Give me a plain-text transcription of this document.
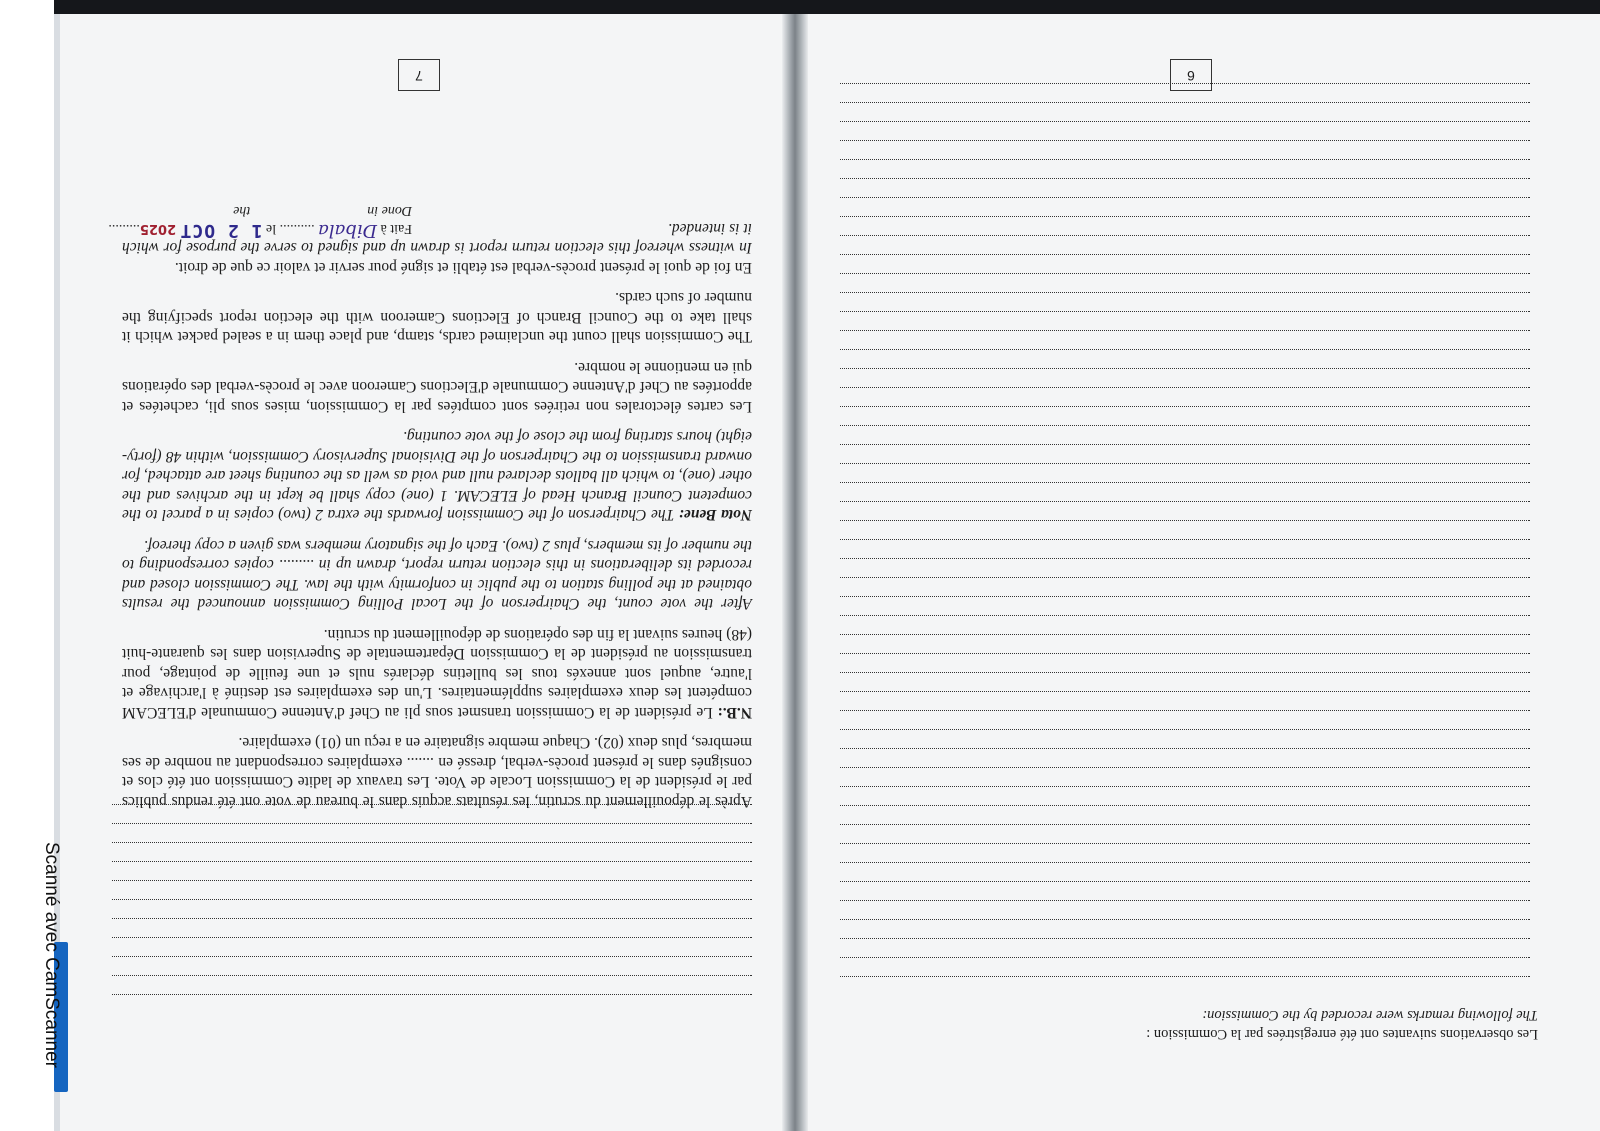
7

Après le dépouillement du scrutin, les résultats acquis dans le bureau de vote ont été rendus publics par le président de la Commission Locale de Vote. Les travaux de ladite Commission ont été clos et consignés dans le présent procès-verbal, dressé en ....... exemplaires correspondant au nombre de ses membres, plus deux (02). Chaque membre signataire en a reçu un (01) exemplaire.

N.B.: Le président de la Commission transmet sous pli au Chef d'Antenne Communale d'ELECAM compétent les deux exemplaires supplémentaires. L'un des exemplaires est destiné à l'archivage et l'autre, auquel sont annexés tous les bulletins déclarés nuls et une feuille de pointage, pour transmission au président de la Commission Départementale de Supervision dans les quarante-huit (48) heures suivant la fin des opérations de dépouillement du scrutin.

After the vote count, the Chairperson of the Local Polling Commission announced the results obtained at the polling station to the public in conformity with the law. The Commission closed and recorded its deliberations in this election return report, drawn up in ......... copies corresponding to the number of its members, plus 2 (two). Each of the signatory members was given a copy thereof.

Nota Bene: The Chairperson of the Commission forwards the extra 2 (two) copies in a parcel to the competent Council Branch Head of ELECAM. 1 (one) copy shall be kept in the archives and the other (one), to which all ballots declared null and void as well as the counting sheet are attached, for onward transmission to the Chairperson of the Divisional Supervisory Commission, within 48 (forty-eight) hours starting from the close of the vote counting.

Les cartes électorales non retirées sont comptées par la Commission, mises sous pli, cachetées et apportées au Chef d'Antenne Communale d'Elections Cameroon avec le procès-verbal des opérations qui en mentionne le nombre.

The Commission shall count the unclaimed cards, stamp, and place them in a sealed packet which it shall take to the Council Branch of Elections Cameroon with the election report specifying the number of such cards.

En foi de quoi le présent procès-verbal est établi et signé pour servir et valoir ce que de droit.

In witness whereof this election return report is drawn up and signed to serve the purpose for which it is intended.

Fait à Dibala .......... le 1 2 OCT 2025.........
Done in  the
6
Les observations suivantes ont été enregistrées par la Commission :
The following remarks were recorded by the Commission:
Scanné avec CamScanner
